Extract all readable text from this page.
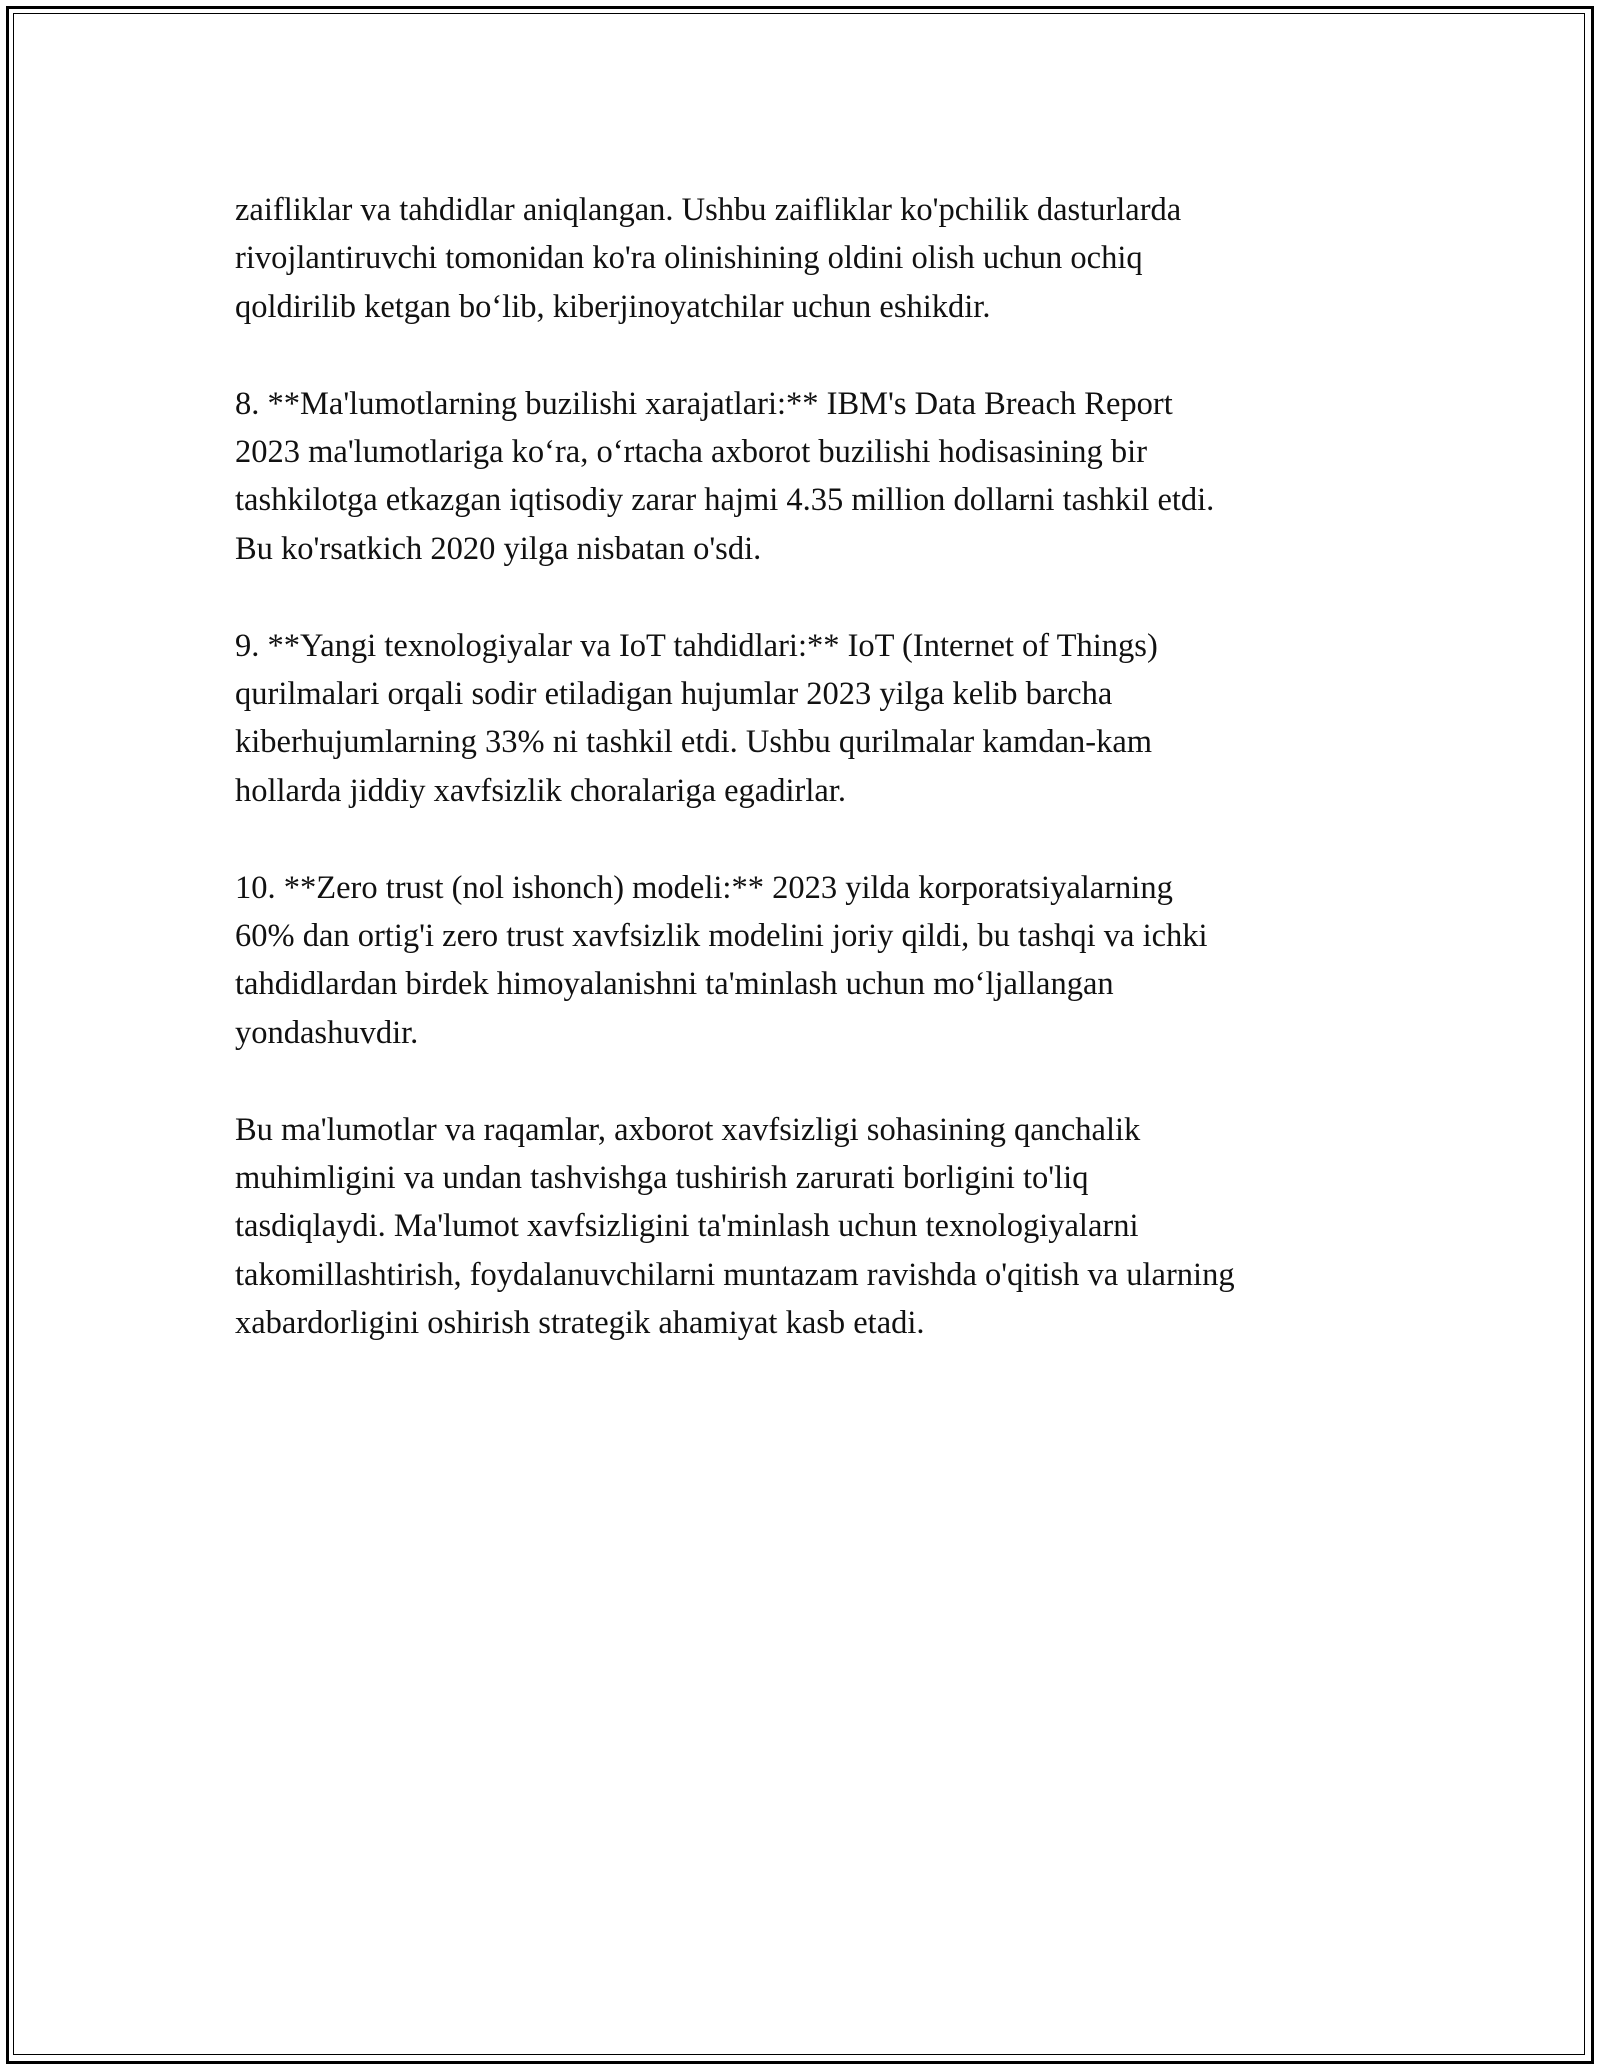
zaifliklar va tahdidlar aniqlangan. Ushbu zaifliklar ko'pchilik dasturlarda
rivojlantiruvchi tomonidan ko'ra olinishining oldini olish uchun ochiq
qoldirilib ketgan bo‘lib, kiberjinoyatchilar uchun eshikdir.

8. **Ma'lumotlarning buzilishi xarajatlari:** IBM's Data Breach Report
2023 ma'lumotlariga ko‘ra, o‘rtacha axborot buzilishi hodisasining bir
tashkilotga etkazgan iqtisodiy zarar hajmi 4.35 million dollarni tashkil etdi.
Bu ko'rsatkich 2020 yilga nisbatan o'sdi.

9. **Yangi texnologiyalar va IoT tahdidlari:** IoT (Internet of Things)
qurilmalari orqali sodir etiladigan hujumlar 2023 yilga kelib barcha
kiberhujumlarning 33% ni tashkil etdi. Ushbu qurilmalar kamdan-kam
hollarda jiddiy xavfsizlik choralariga egadirlar.

10. **Zero trust (nol ishonch) modeli:** 2023 yilda korporatsiyalarning
60% dan ortig'i zero trust xavfsizlik modelini joriy qildi, bu tashqi va ichki
tahdidlardan birdek himoyalanishni ta'minlash uchun mo‘ljallangan
yondashuvdir.

Bu ma'lumotlar va raqamlar, axborot xavfsizligi sohasining qanchalik
muhimligini va undan tashvishga tushirish zarurati borligini to'liq
tasdiqlaydi. Ma'lumot xavfsizligini ta'minlash uchun texnologiyalarni
takomillashtirish, foydalanuvchilarni muntazam ravishda o'qitish va ularning
xabardorligini oshirish strategik ahamiyat kasb etadi.
